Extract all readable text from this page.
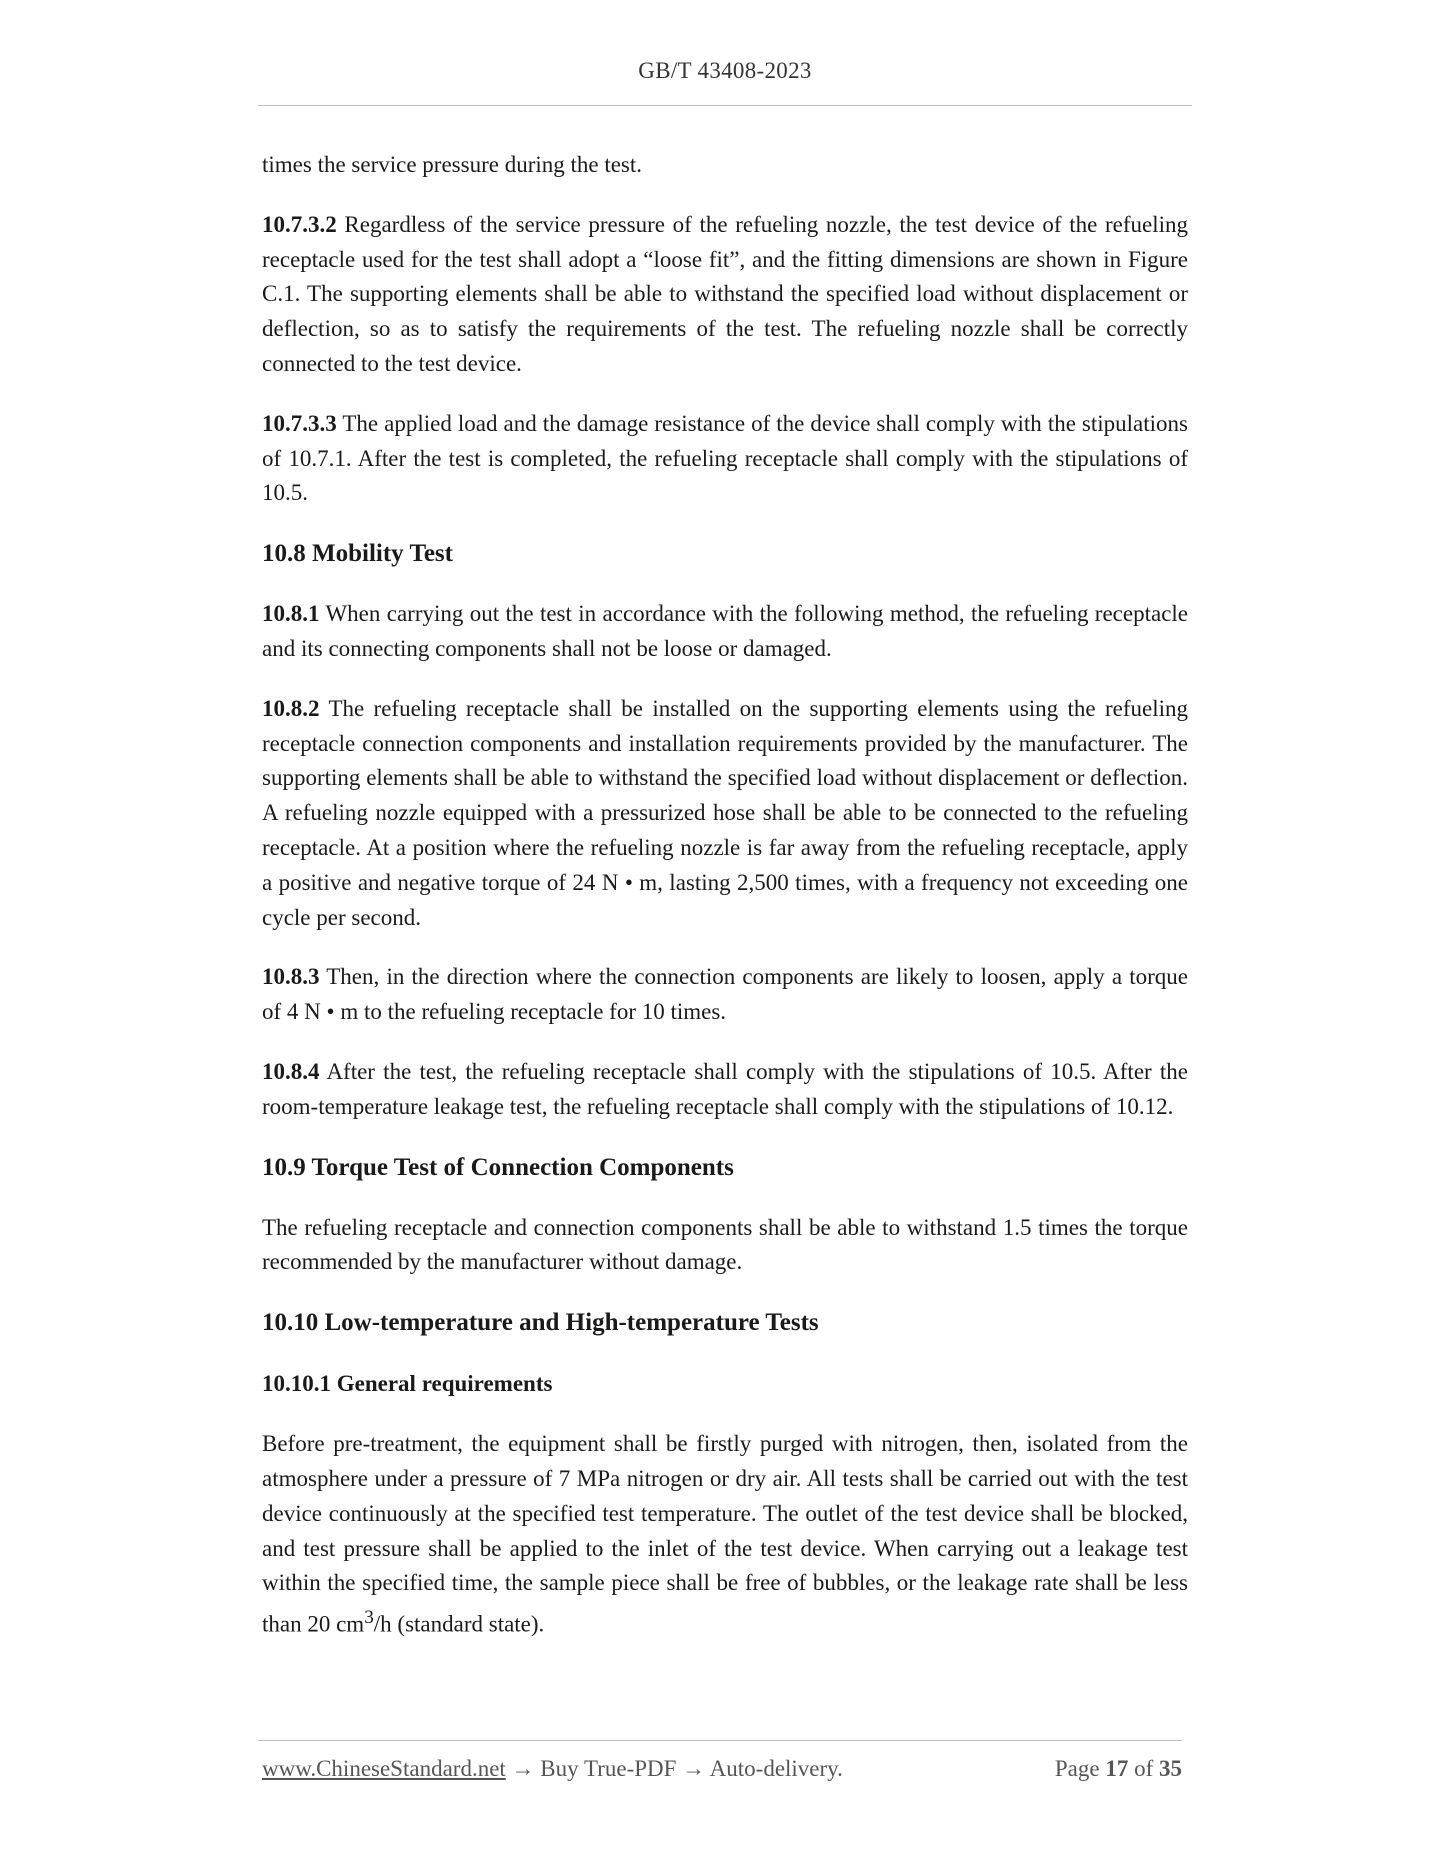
GB/T 43408-2023

times the service pressure during the test.

10.7.3.2 Regardless of the service pressure of the refueling nozzle, the test device of the refueling receptacle used for the test shall adopt a “loose fit”, and the fitting dimensions are shown in Figure C.1. The supporting elements shall be able to withstand the specified load without displacement or deflection, so as to satisfy the requirements of the test. The refueling nozzle shall be correctly connected to the test device.

10.7.3.3 The applied load and the damage resistance of the device shall comply with the stipulations of 10.7.1. After the test is completed, the refueling receptacle shall comply with the stipulations of 10.5.

10.8 Mobility Test

10.8.1 When carrying out the test in accordance with the following method, the refueling receptacle and its connecting components shall not be loose or damaged.

10.8.2 The refueling receptacle shall be installed on the supporting elements using the refueling receptacle connection components and installation requirements provided by the manufacturer. The supporting elements shall be able to withstand the specified load without displacement or deflection. A refueling nozzle equipped with a pressurized hose shall be able to be connected to the refueling receptacle. At a position where the refueling nozzle is far away from the refueling receptacle, apply a positive and negative torque of 24 N • m, lasting 2,500 times, with a frequency not exceeding one cycle per second.

10.8.3 Then, in the direction where the connection components are likely to loosen, apply a torque of 4 N • m to the refueling receptacle for 10 times.

10.8.4 After the test, the refueling receptacle shall comply with the stipulations of 10.5. After the room-temperature leakage test, the refueling receptacle shall comply with the stipulations of 10.12.

10.9 Torque Test of Connection Components

The refueling receptacle and connection components shall be able to withstand 1.5 times the torque recommended by the manufacturer without damage.

10.10 Low-temperature and High-temperature Tests
10.10.1 General requirements

Before pre-treatment, the equipment shall be firstly purged with nitrogen, then, isolated from the atmosphere under a pressure of 7 MPa nitrogen or dry air. All tests shall be carried out with the test device continuously at the specified test temperature. The outlet of the test device shall be blocked, and test pressure shall be applied to the inlet of the test device. When carrying out a leakage test within the specified time, the sample piece shall be free of bubbles, or the leakage rate shall be less than 20 $cm^3/h$ (standard state).

www.ChineseStandard.net → Buy True-PDF → Auto-delivery.	Page 17 of 35
